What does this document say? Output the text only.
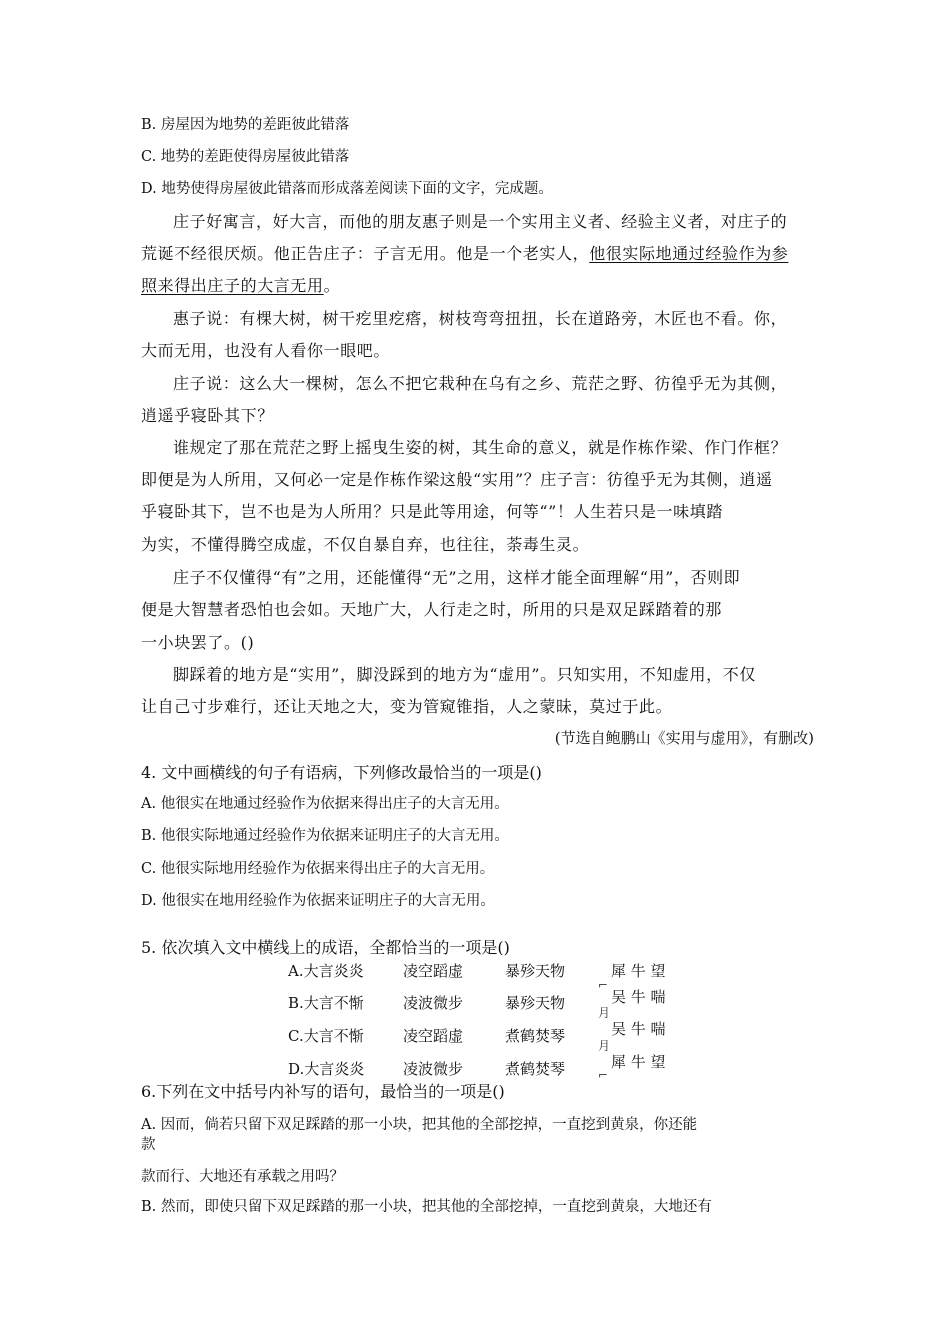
B. 房屋因为地势的差距彼此错落
C. 地势的差距使得房屋彼此错落
D. 地势使得房屋彼此错落而形成落差阅读下面的文字，完成题。
庄子好寓言，好大言，而他的朋友惠子则是一个实用主义者、经验主义者，对庄子的
荒诞不经很厌烦。他正告庄子：子言无用。他是一个老实人，他很实际地通过经验作为参
照来得出庄子的大言无用。
惠子说：有棵大树，树干疙里疙瘩，树枝弯弯扭扭，长在道路旁，木匠也不看。你，
大而无用，也没有人看你一眼吧。
庄子说：这么大一棵树，怎么不把它栽种在乌有之乡、荒茫之野、彷徨乎无为其侧，
逍遥乎寝卧其下？
谁规定了那在荒茫之野上摇曳生姿的树，其生命的意义，就是作栋作梁、作门作框？
即便是为人所用，又何必一定是作栋作梁这般“实用”？庄子言：彷徨乎无为其侧，逍遥
乎寝卧其下，岂不也是为人所用？只是此等用途，何等“”！人生若只是一味填踏
为实，不懂得腾空成虚，不仅自暴自弃，也往往，荼毒生灵。
庄子不仅懂得“有”之用，还能懂得“无”之用，这样才能全面理解“用”，否则即
便是大智慧者恐怕也会如。天地广大，人行走之时，所用的只是双足踩踏着的那
一小块罢了。()
脚踩着的地方是“实用”，脚没踩到的地方为“虚用”。只知实用，不知虚用，不仅
让自己寸步难行，还让天地之大，变为管窥锥指，人之蒙昧，莫过于此。
(节选自鲍鹏山《实用与虚用》，有删改)
4. 文中画横线的句子有语病，下列修改最恰当的一项是()
A. 他很实在地通过经验作为依据来得出庄子的大言无用。
B. 他很实际地通过经验作为依据来证明庄子的大言无用。
C. 他很实际地用经验作为依据来得出庄子的大言无用。
D. 他很实在地用经验作为依据来证明庄子的大言无用。
5. 依次填入文中横线上的成语，全都恰当的一项是()
A.大言炎炎	凌空蹈虚	暴殄天物	犀 牛 望
⌐
B.大言不惭	凌波微步	暴殄天物	吴 牛 喘
月
C.大言不惭	凌空蹈虚	煮鹤焚琴	吴 牛 喘
月
D.大言炎炎	凌波微步	煮鹤焚琴	犀 牛 望
⌐
6.下列在文中括号内补写的语句，最恰当的一项是()
A. 因而，倘若只留下双足踩踏的那一小块，把其他的全部挖掉，一直挖到黄泉，你还能
款
款而行、大地还有承载之用吗？
B. 然而，即使只留下双足踩踏的那一小块，把其他的全部挖掉，一直挖到黄泉，大地还有
